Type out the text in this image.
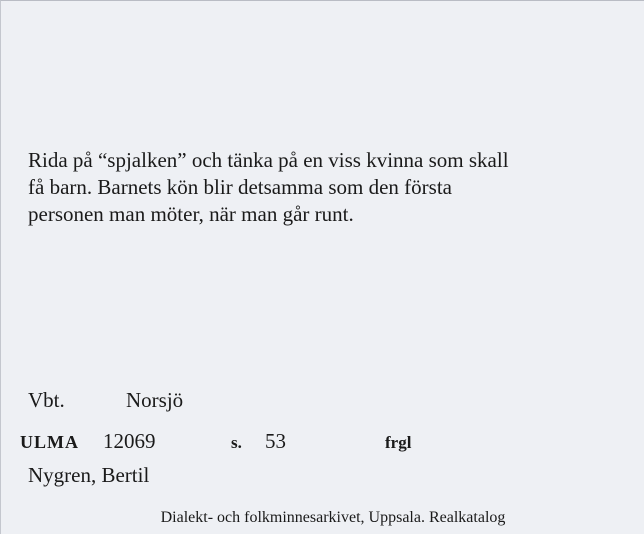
Rida på “spjalken” och tänka på en viss kvinna som skall
få barn. Barnets kön blir detsamma som den första
personen man möter, när man går runt.
Vbt.	Norsjö
ULMA 12069	s. 53	frgl
Nygren, Bertil
Dialekt- och folkminnesarkivet, Uppsala. Realkatalog
